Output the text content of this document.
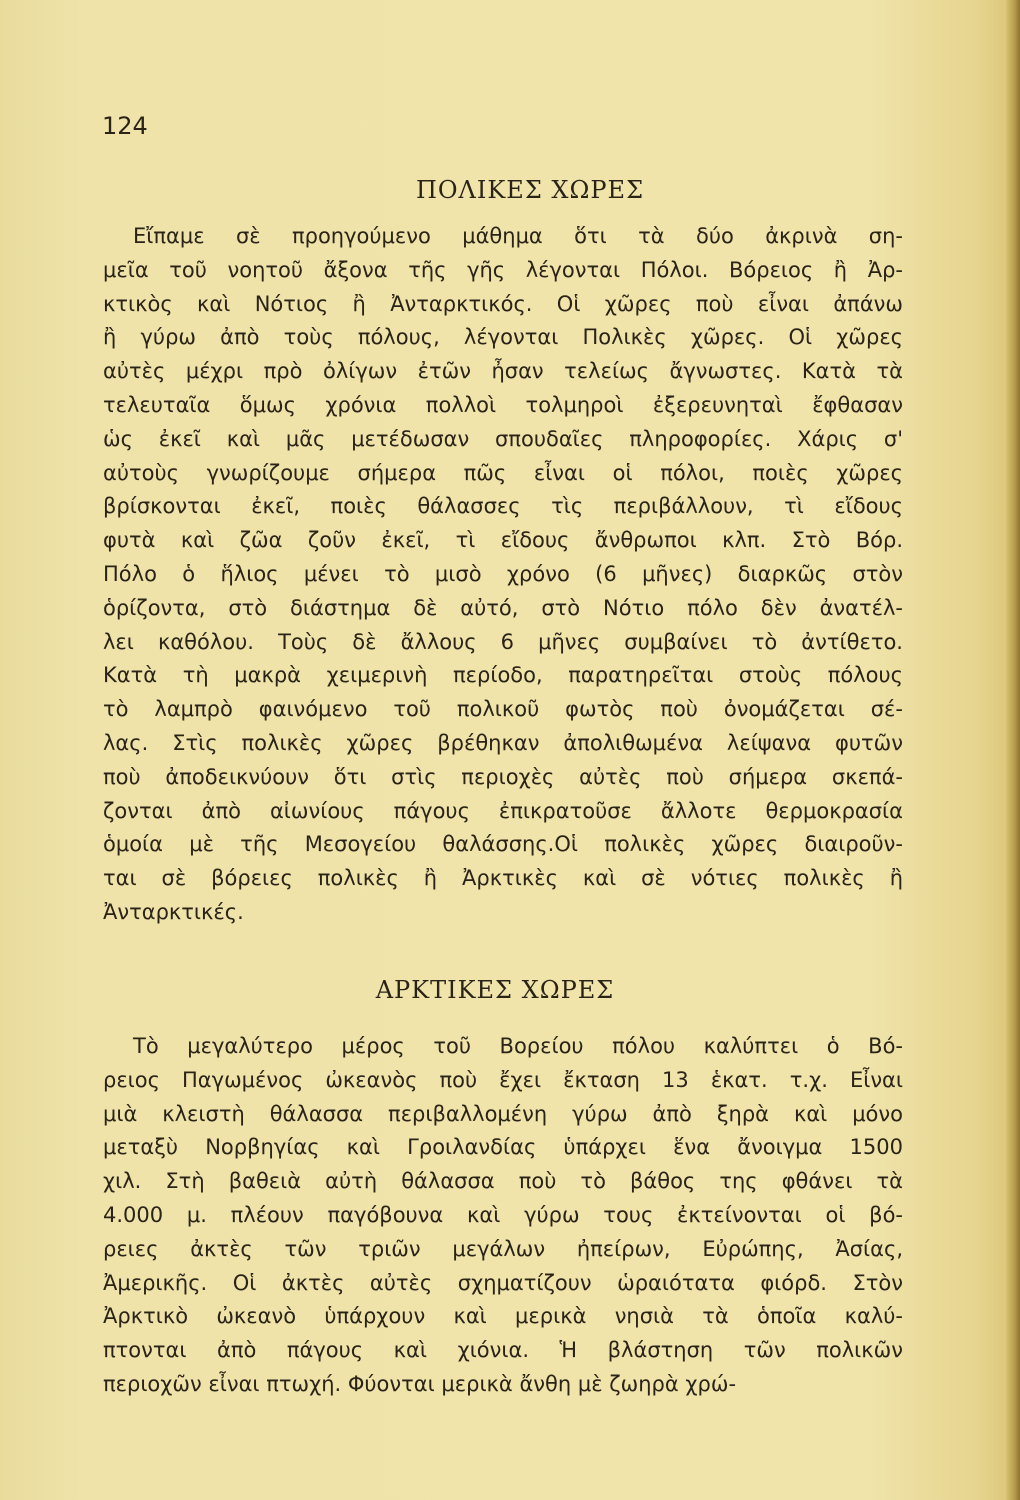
124
ΠΟΛΙΚΕΣ ΧΩΡΕΣ
Εἴπαμε σὲ προηγούμενο μάθημα ὅτι τὰ δύο ἀκρινὰ ση-
μεῖα τοῦ νοητοῦ ἄξονα τῆς γῆς λέγονται Πόλοι. Βόρειος ἢ Ἀρ-
κτικὸς καὶ Νότιος ἢ Ἀνταρκτικός. Οἱ χῶρες ποὺ εἶναι ἀπάνω
ἢ γύρω ἀπὸ τοὺς πόλους, λέγονται Πολικὲς χῶρες. Οἱ χῶρες
αὐτὲς μέχρι πρὸ ὀλίγων ἐτῶν ἦσαν τελείως ἄγνωστες. Κατὰ τὰ
τελευταῖα ὅμως χρόνια πολλοὶ τολμηροὶ ἐξερευνηταὶ ἔφθασαν
ὡς ἐκεῖ καὶ μᾶς μετέδωσαν σπουδαῖες πληροφορίες. Χάρις σ'
αὐτοὺς γνωρίζουμε σήμερα πῶς εἶναι οἱ πόλοι, ποιὲς χῶρες
βρίσκονται ἐκεῖ, ποιὲς θάλασσες τὶς περιβάλλουν, τὶ εἴδους
φυτὰ καὶ ζῶα ζοῦν ἐκεῖ, τὶ εἴδους ἄνθρωποι κλπ. Στὸ Βόρ.
Πόλο ὁ ἥλιος μένει τὸ μισὸ χρόνο (6 μῆνες) διαρκῶς στὸν
ὁρίζοντα, στὸ διάστημα δὲ αὐτό, στὸ Νότιο πόλο δὲν ἀνατέλ-
λει καθόλου. Τοὺς δὲ ἄλλους 6 μῆνες συμβαίνει τὸ ἀντίθετο.
Κατὰ τὴ μακρὰ χειμερινὴ περίοδο, παρατηρεῖται στοὺς πόλους
τὸ λαμπρὸ φαινόμενο τοῦ πολικοῦ φωτὸς ποὺ ὀνομάζεται σέ-
λας. Στὶς πολικὲς χῶρες βρέθηκαν ἀπολιθωμένα λείψανα φυτῶν
ποὺ ἀποδεικνύουν ὅτι στὶς περιοχὲς αὐτὲς ποὺ σήμερα σκεπά-
ζονται ἀπὸ αἰωνίους πάγους ἐπικρατοῦσε ἄλλοτε θερμοκρασία
ὁμοία μὲ τῆς Μεσογείου θαλάσσης.Οἱ πολικὲς χῶρες διαιροῦν-
ται σὲ βόρειες πολικὲς ἢ Ἀρκτικὲς καὶ σὲ νότιες πολικὲς ἢ
Ἀνταρκτικές.
ΑΡΚΤΙΚΕΣ ΧΩΡΕΣ
Τὸ μεγαλύτερο μέρος τοῦ Βορείου πόλου καλύπτει ὁ Βό-
ρειος Παγωμένος ὠκεανὸς ποὺ ἔχει ἔκταση 13 ἑκατ. τ.χ. Εἶναι
μιὰ κλειστὴ θάλασσα περιβαλλομένη γύρω ἀπὸ ξηρὰ καὶ μόνο
μεταξὺ Νορβηγίας καὶ Γροιλανδίας ὑπάρχει ἕνα ἄνοιγμα 1500
χιλ. Στὴ βαθειὰ αὐτὴ θάλασσα ποὺ τὸ βάθος της φθάνει τὰ
4.000 μ. πλέουν παγόβουνα καὶ γύρω τους ἐκτείνονται οἱ βό-
ρειες ἀκτὲς τῶν τριῶν μεγάλων ἠπείρων, Εὐρώπης, Ἀσίας,
Ἀμερικῆς. Οἱ ἀκτὲς αὐτὲς σχηματίζουν ὡραιότατα φιόρδ. Στὸν
Ἀρκτικὸ ὠκεανὸ ὑπάρχουν καὶ μερικὰ νησιὰ τὰ ὁποῖα καλύ-
πτονται ἀπὸ πάγους καὶ χιόνια. Ἡ βλάστηση τῶν πολικῶν
περιοχῶν εἶναι πτωχή. Φύονται μερικὰ ἄνθη μὲ ζωηρὰ χρώ-
